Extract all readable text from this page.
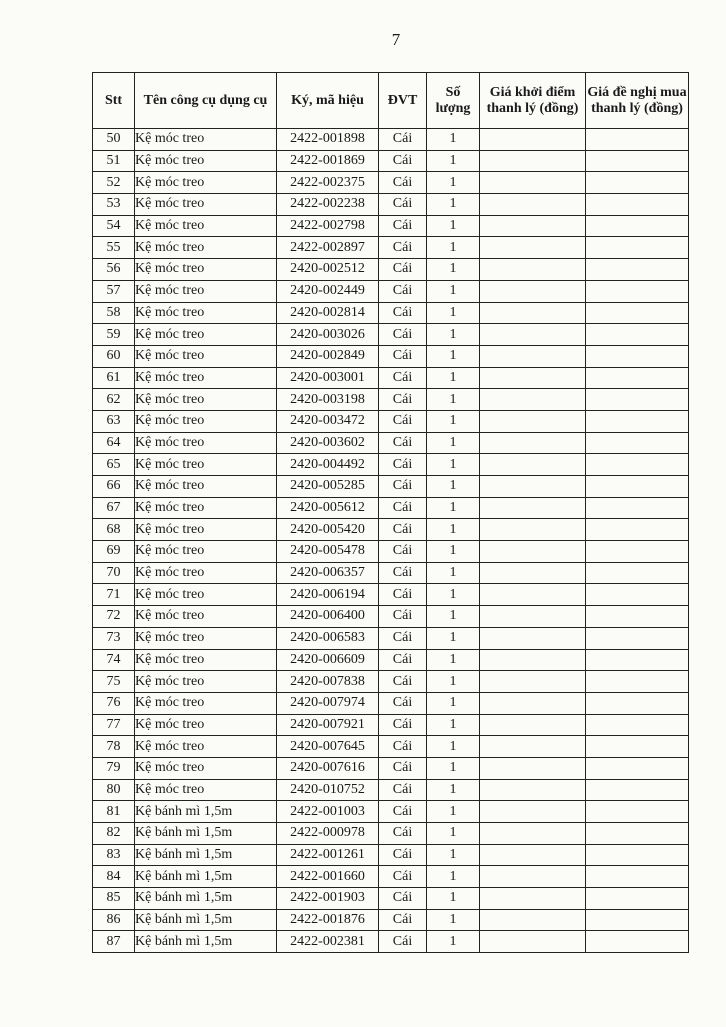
7
Stt	Tên công cụ dụng cụ	Ký, mã hiệu	ĐVT	Số lượng	Giá khởi điểm thanh lý (đồng)	Giá đề nghị mua thanh lý (đồng)
50	Kệ móc treo	2422-001898	Cái	1		
51	Kệ móc treo	2422-001869	Cái	1		
52	Kệ móc treo	2422-002375	Cái	1		
53	Kệ móc treo	2422-002238	Cái	1		
54	Kệ móc treo	2422-002798	Cái	1		
55	Kệ móc treo	2422-002897	Cái	1		
56	Kệ móc treo	2420-002512	Cái	1		
57	Kệ móc treo	2420-002449	Cái	1		
58	Kệ móc treo	2420-002814	Cái	1		
59	Kệ móc treo	2420-003026	Cái	1		
60	Kệ móc treo	2420-002849	Cái	1		
61	Kệ móc treo	2420-003001	Cái	1		
62	Kệ móc treo	2420-003198	Cái	1		
63	Kệ móc treo	2420-003472	Cái	1		
64	Kệ móc treo	2420-003602	Cái	1		
65	Kệ móc treo	2420-004492	Cái	1		
66	Kệ móc treo	2420-005285	Cái	1		
67	Kệ móc treo	2420-005612	Cái	1		
68	Kệ móc treo	2420-005420	Cái	1		
69	Kệ móc treo	2420-005478	Cái	1		
70	Kệ móc treo	2420-006357	Cái	1		
71	Kệ móc treo	2420-006194	Cái	1		
72	Kệ móc treo	2420-006400	Cái	1		
73	Kệ móc treo	2420-006583	Cái	1		
74	Kệ móc treo	2420-006609	Cái	1		
75	Kệ móc treo	2420-007838	Cái	1		
76	Kệ móc treo	2420-007974	Cái	1		
77	Kệ móc treo	2420-007921	Cái	1		
78	Kệ móc treo	2420-007645	Cái	1		
79	Kệ móc treo	2420-007616	Cái	1		
80	Kệ móc treo	2420-010752	Cái	1		
81	Kệ bánh mì 1,5m	2422-001003	Cái	1		
82	Kệ bánh mì 1,5m	2422-000978	Cái	1		
83	Kệ bánh mì 1,5m	2422-001261	Cái	1		
84	Kệ bánh mì 1,5m	2422-001660	Cái	1		
85	Kệ bánh mì 1,5m	2422-001903	Cái	1		
86	Kệ bánh mì 1,5m	2422-001876	Cái	1		
87	Kệ bánh mì 1,5m	2422-002381	Cái	1		
